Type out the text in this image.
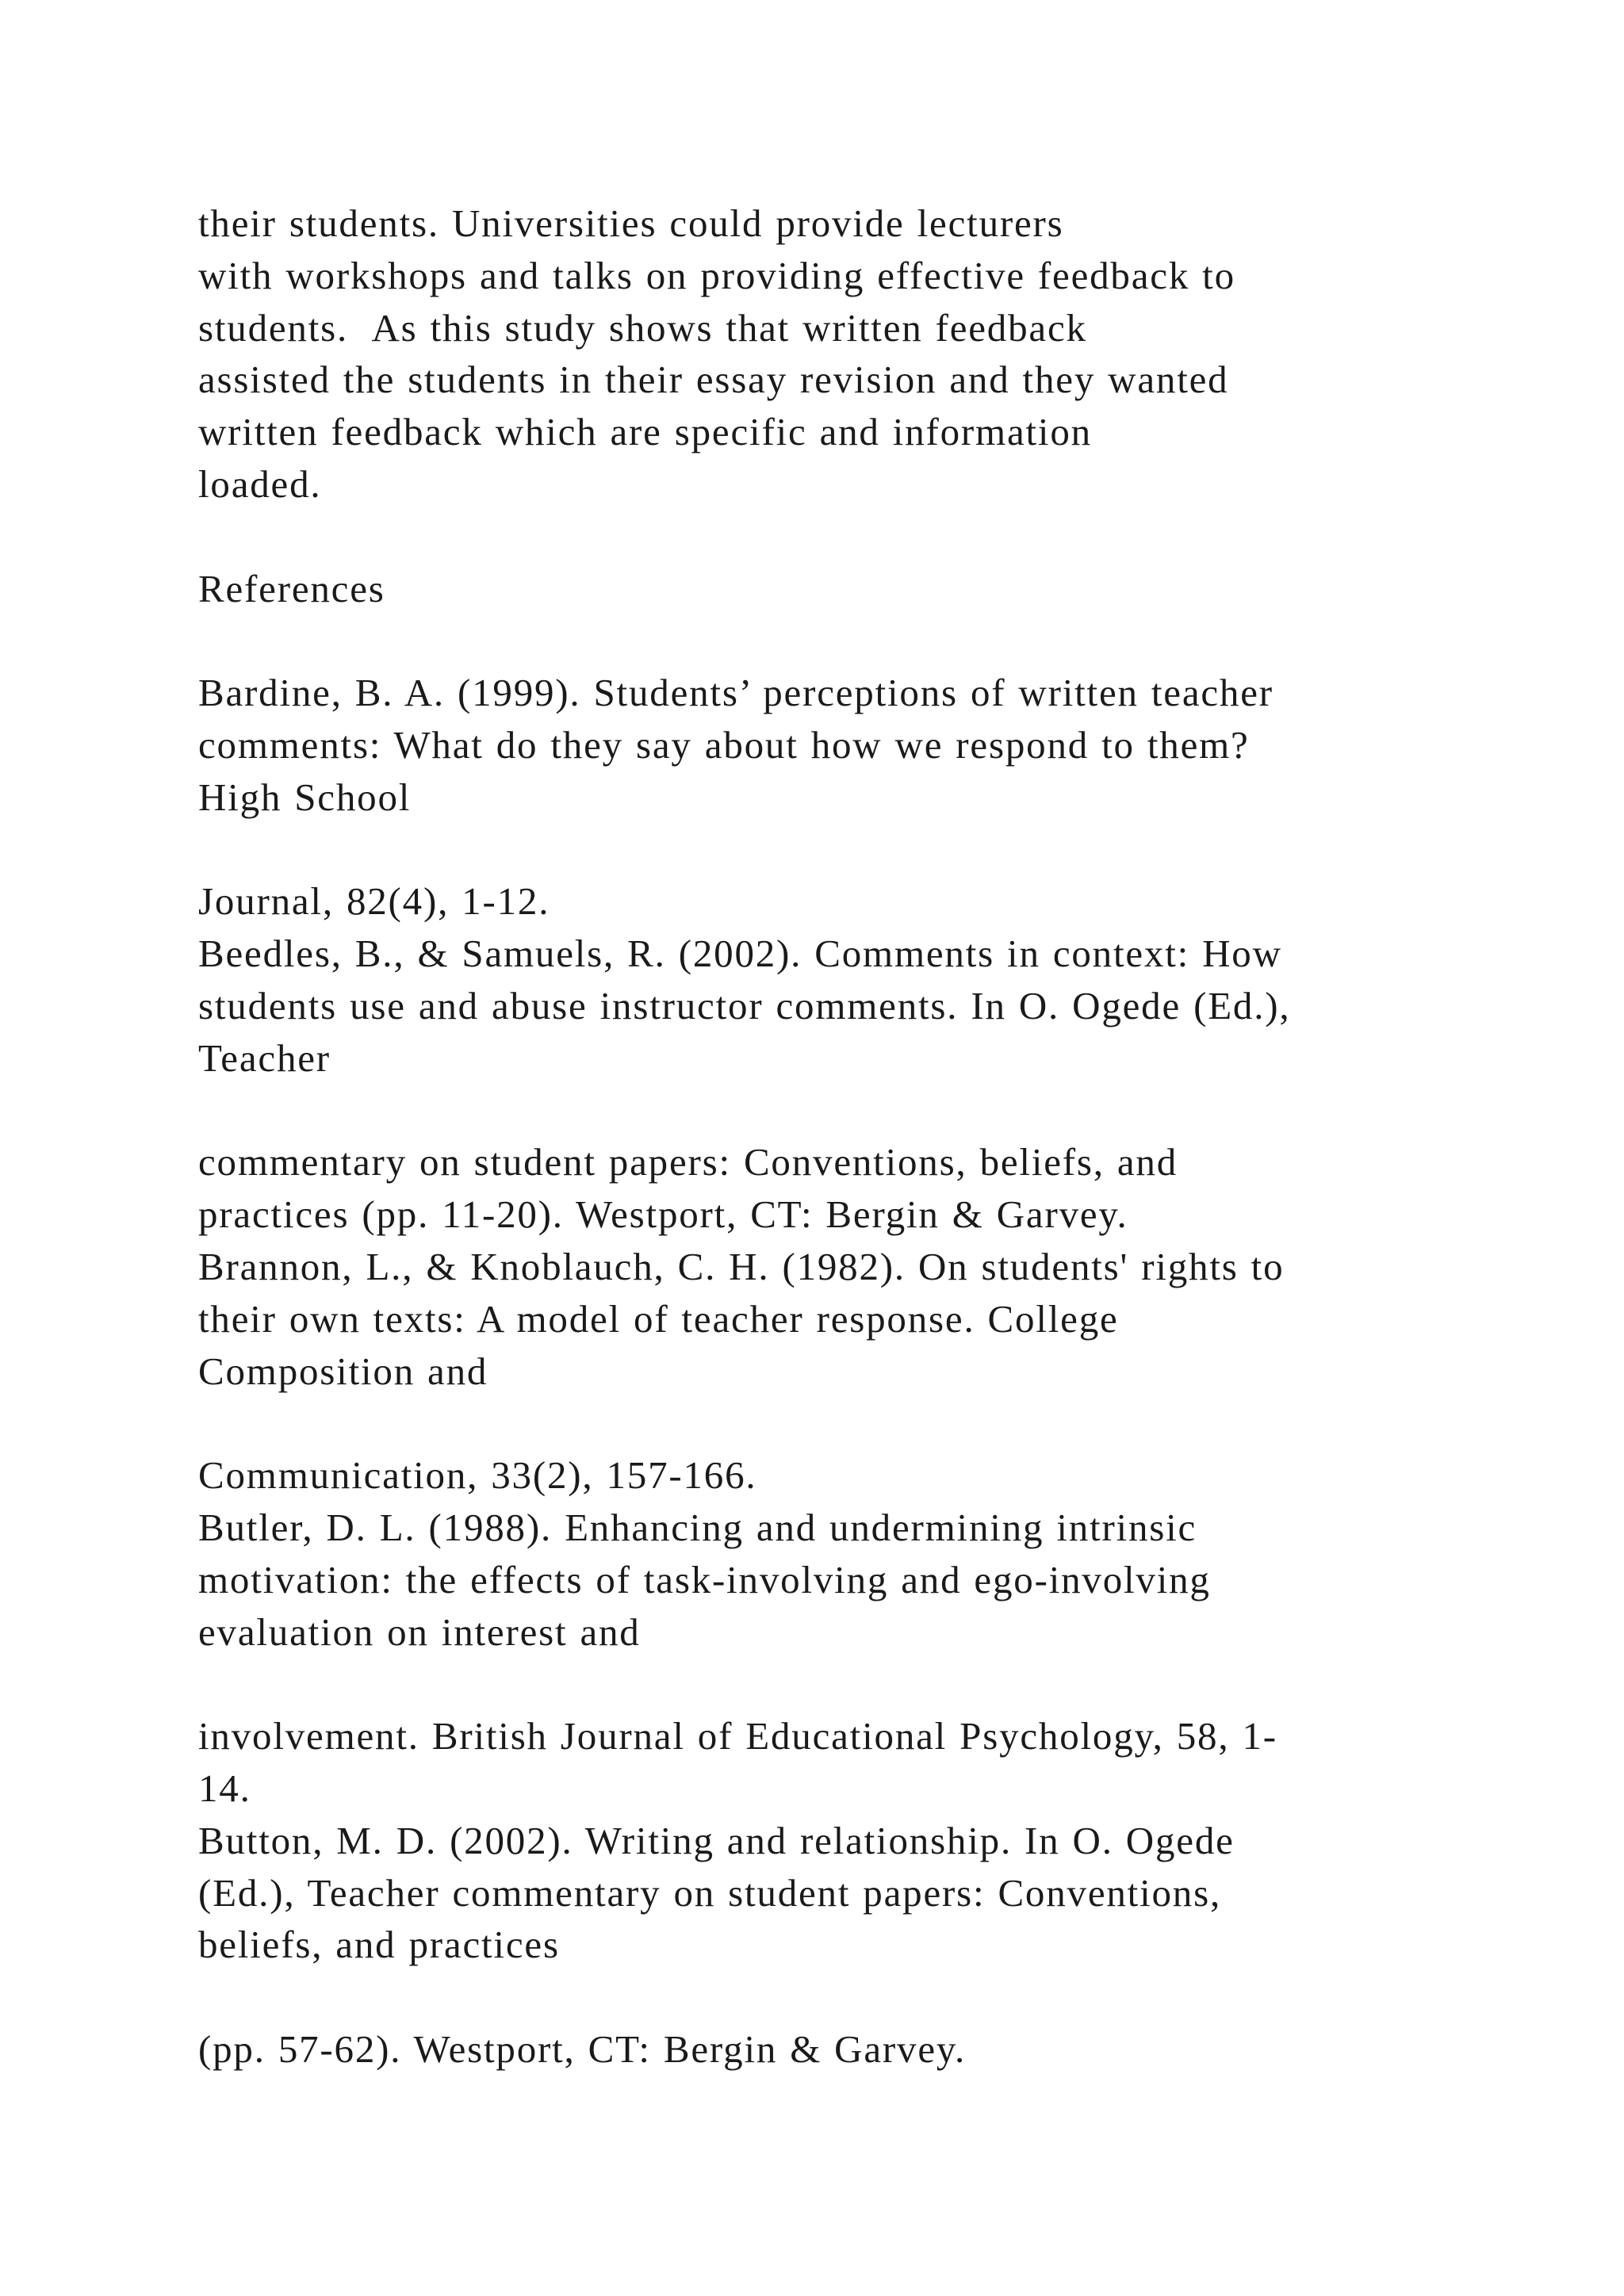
their students. Universities could provide lecturers
with workshops and talks on providing effective feedback to
students.  As this study shows that written feedback
assisted the students in their essay revision and they wanted
written feedback which are specific and information
loaded.
References
Bardine, B. A. (1999). Students’ perceptions of written teacher
comments: What do they say about how we respond to them?
High School
Journal, 82(4), 1-12.
Beedles, B., & Samuels, R. (2002). Comments in context: How
students use and abuse instructor comments. In O. Ogede (Ed.),
Teacher
commentary on student papers: Conventions, beliefs, and
practices (pp. 11-20). Westport, CT: Bergin & Garvey.
Brannon, L., & Knoblauch, C. H. (1982). On students' rights to
their own texts: A model of teacher response. College
Composition and
Communication, 33(2), 157-166.
Butler, D. L. (1988). Enhancing and undermining intrinsic
motivation: the effects of task-involving and ego-involving
evaluation on interest and
involvement. British Journal of Educational Psychology, 58, 1-
14.
Button, M. D. (2002). Writing and relationship. In O. Ogede
(Ed.), Teacher commentary on student papers: Conventions,
beliefs, and practices
(pp. 57-62). Westport, CT: Bergin & Garvey.
